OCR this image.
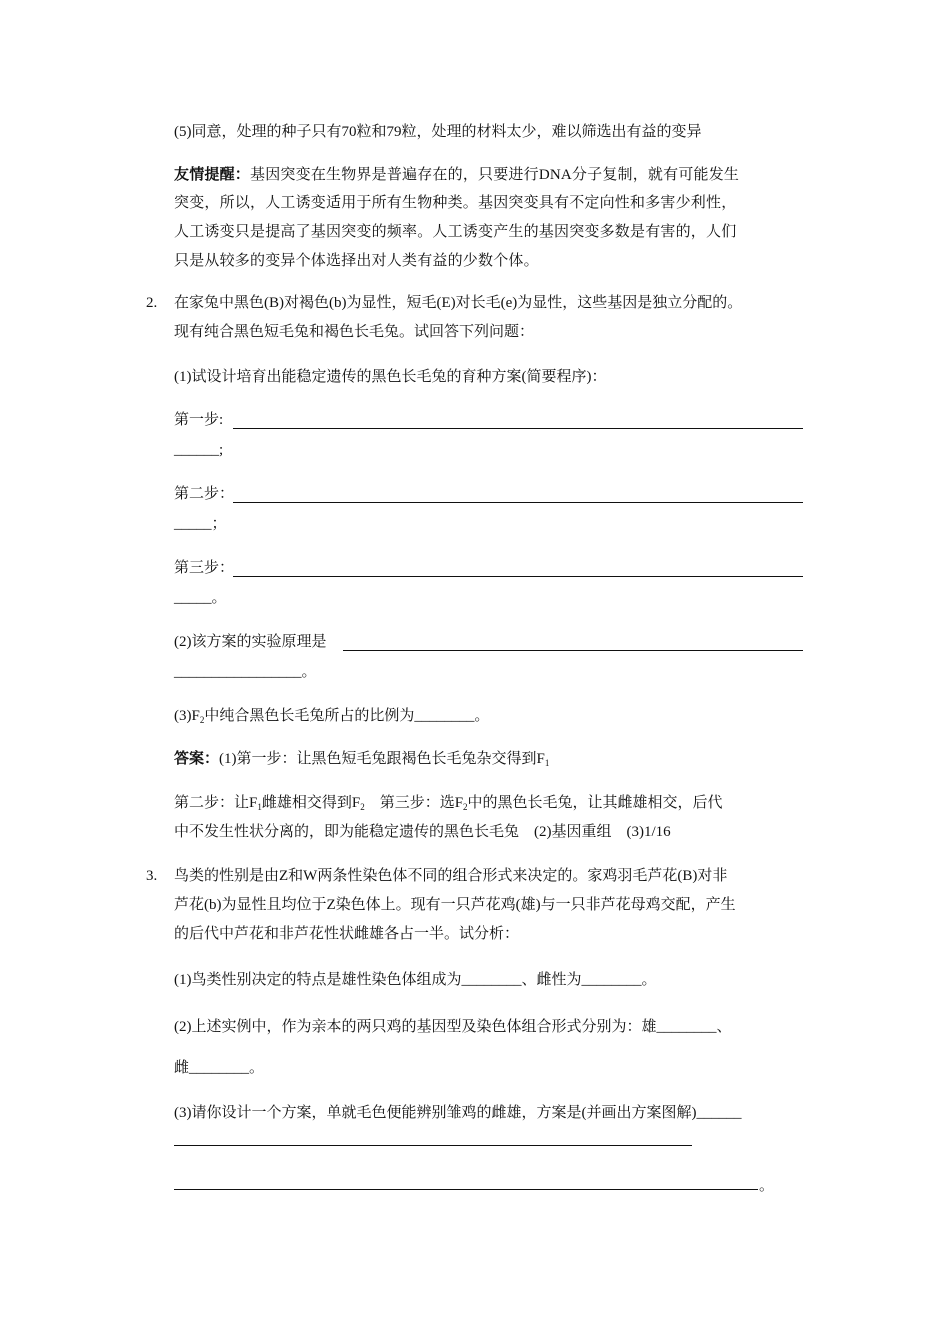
(5)同意，处理的种子只有70粒和79粒，处理的材料太少，难以筛选出有益的变异
友情提醒：基因突变在生物界是普遍存在的，只要进行DNA分子复制，就有可能发生
突变，所以，人工诱变适用于所有生物种类。基因突变具有不定向性和多害少利性，
人工诱变只是提高了基因突变的频率。人工诱变产生的基因突变多数是有害的，人们
只是从较多的变异个体选择出对人类有益的少数个体。
2. 在家兔中黑色(B)对褐色(b)为显性，短毛(E)对长毛(e)为显性，这些基因是独立分配的。
现有纯合黑色短毛兔和褐色长毛兔。试回答下列问题：
(1)试设计培育出能稳定遗传的黑色长毛兔的育种方案(简要程序)：
第一步:
______;
第二步：
_____；
第三步：
_____。
(2)该方案的实验原理是
_________________。
$(3)F_2$中纯合黑色长毛兔所占的比例为________。
答案：(1)第一步：让黑色短毛兔跟褐色长毛兔杂交得到$F_1$
第二步：让$F_1$雌雄相交得到$F_2$　第三步：选$F_2$中的黑色长毛兔，让其雌雄相交，后代
中不发生性状分离的，即为能稳定遗传的黑色长毛兔　(2)基因重组　(3)1/16
3. 鸟类的性别是由Z和W两条性染色体不同的组合形式来决定的。家鸡羽毛芦花(B)对非
芦花(b)为显性且均位于Z染色体上。现有一只芦花鸡(雄)与一只非芦花母鸡交配，产生
的后代中芦花和非芦花性状雌雄各占一半。试分析：
(1)鸟类性别决定的特点是雄性染色体组成为________、雌性为________。
(2)上述实例中，作为亲本的两只鸡的基因型及染色体组合形式分别为：雄________、
雌________。
(3)请你设计一个方案，单就毛色便能辨别雏鸡的雌雄，方案是(并画出方案图解)______
。
